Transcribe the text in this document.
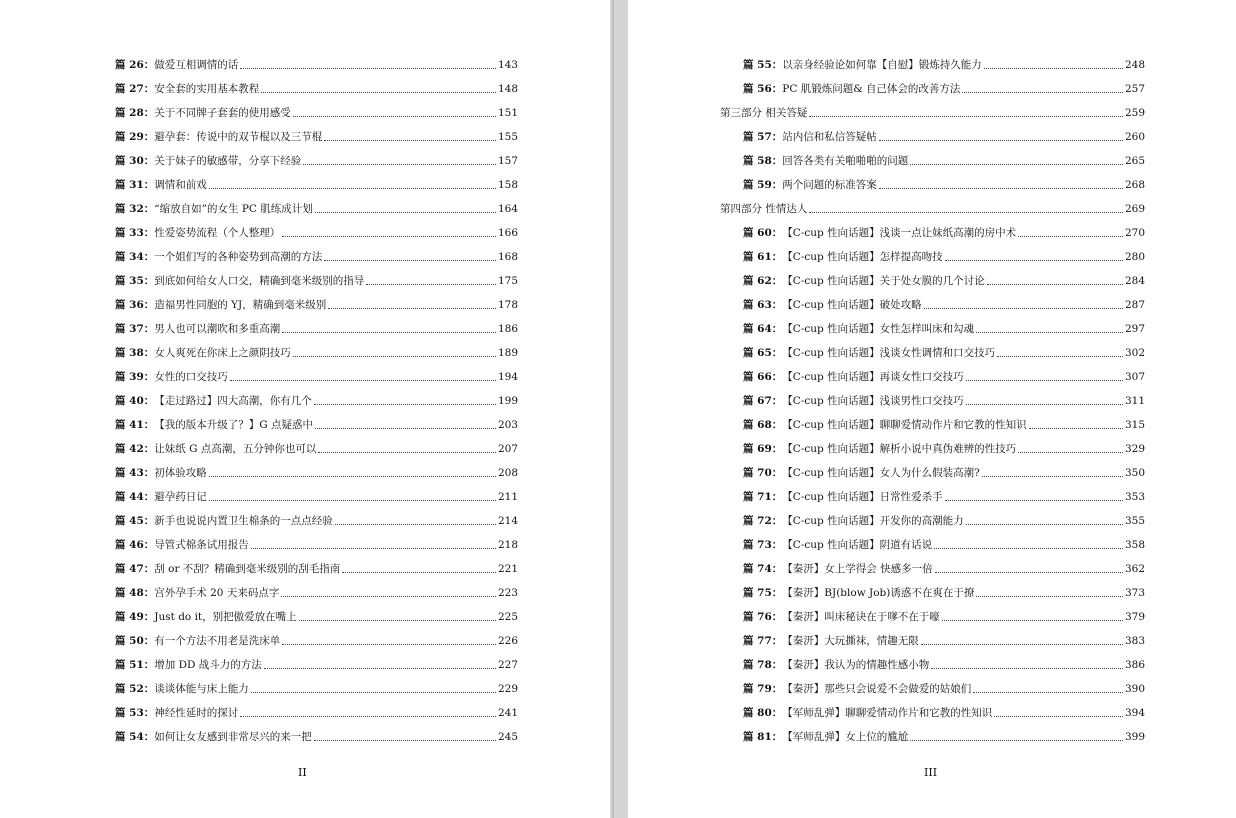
篇 26： 做爱互相调情的话	143
篇 27： 安全套的实用基本教程	148
篇 28： 关于不同牌子套套的使用感受	151
篇 29： 避孕套：传说中的双节棍以及三节棍	155
篇 30： 关于妹子的敏感带，分享下经验	157
篇 31： 调情和前戏	158
篇 32： “缩放自如”的女生 PC 肌练成计划	164
篇 33： 性爱姿势流程（个人整理）	166
篇 34： 一个姐们写的各种姿势到高潮的方法	168
篇 35： 到底如何给女人口交，精确到毫米级别的指导	175
篇 36： 造福男性同胞的 YJ，精确到毫米级别	178
篇 37： 男人也可以潮吹和多重高潮	186
篇 38： 女人爽死在你床上之颜阴技巧	189
篇 39： 女性的口交技巧	194
篇 40： 【走过路过】四大高潮，你有几个	199
篇 41： 【我的版本升级了？】G 点疑惑中	203
篇 42： 让妹纸 G 点高潮，五分钟你也可以	207
篇 43： 初体验攻略	208
篇 44： 避孕药日记	211
篇 45： 新手也说说内置卫生棉条的一点点经验	214
篇 46： 导管式棉条试用报告	218
篇 47： 刮 or 不刮？精确到毫米级别的刮毛指南	221
篇 48： 宫外孕手术 20 天来码点字	223
篇 49： Just do it，别把傲爱放在嘴上	225
篇 50： 有一个方法不用老是洗床单	226
篇 51： 增加 DD 战斗力的方法	227
篇 52： 谈谈体能与床上能力	229
篇 53： 神经性延时的探讨	241
篇 54： 如何让女友感到非常尽兴的来一把	245
II
篇 55： 以亲身经验论如何靠【自慰】锻炼持久能力	248
篇 56： PC 肌锻炼问题& 自己体会的改善方法	257
第三部分 相关答疑	259
篇 57： 站内信和私信答疑帖	260
篇 58： 回答各类有关啪啪啪的问题	265
篇 59： 两个问题的标准答案	268
第四部分 性情达人	269
篇 60： 【C-cup 性向话题】浅谈一点让妹纸高潮的房中术	270
篇 61： 【C-cup 性向话题】怎样提高吻技	280
篇 62： 【C-cup 性向话题】关于处女膜的几个讨论	284
篇 63： 【C-cup 性向话题】破处攻略	287
篇 64： 【C-cup 性向话题】女性怎样叫床和勾魂	297
篇 65： 【C-cup 性向话题】浅谈女性调情和口交技巧	302
篇 66： 【C-cup 性向话题】再谈女性口交技巧	307
篇 67： 【C-cup 性向话题】浅谈男性口交技巧	311
篇 68： 【C-cup 性向话题】聊聊爱情动作片和它教的性知识	315
篇 69： 【C-cup 性向话题】解析小说中真伪难辨的性技巧	329
篇 70： 【C-cup 性向话题】女人为什么假装高潮?	350
篇 71： 【C-cup 性向话题】日常性爱杀手	353
篇 72： 【C-cup 性向话题】开发你的高潮能力	355
篇 73： 【C-cup 性向话题】阴道有话说	358
篇 74： 【秦汧】女上学得会 快感多一倍	362
篇 75： 【秦汧】BJ(blow Job)诱惑不在爽在于撩	373
篇 76： 【秦汧】叫床秘诀在于嗲不在于嚎	379
篇 77： 【秦汧】大玩撕袜，情趣无限	383
篇 78： 【秦汧】我认为的情趣性感小物	386
篇 79： 【秦汧】那些只会说爱不会做爱的姑娘们	390
篇 80： 【军师乱弹】聊聊爱情动作片和它教的性知识	394
篇 81： 【军师乱弹】女上位的尴尬	399
III
